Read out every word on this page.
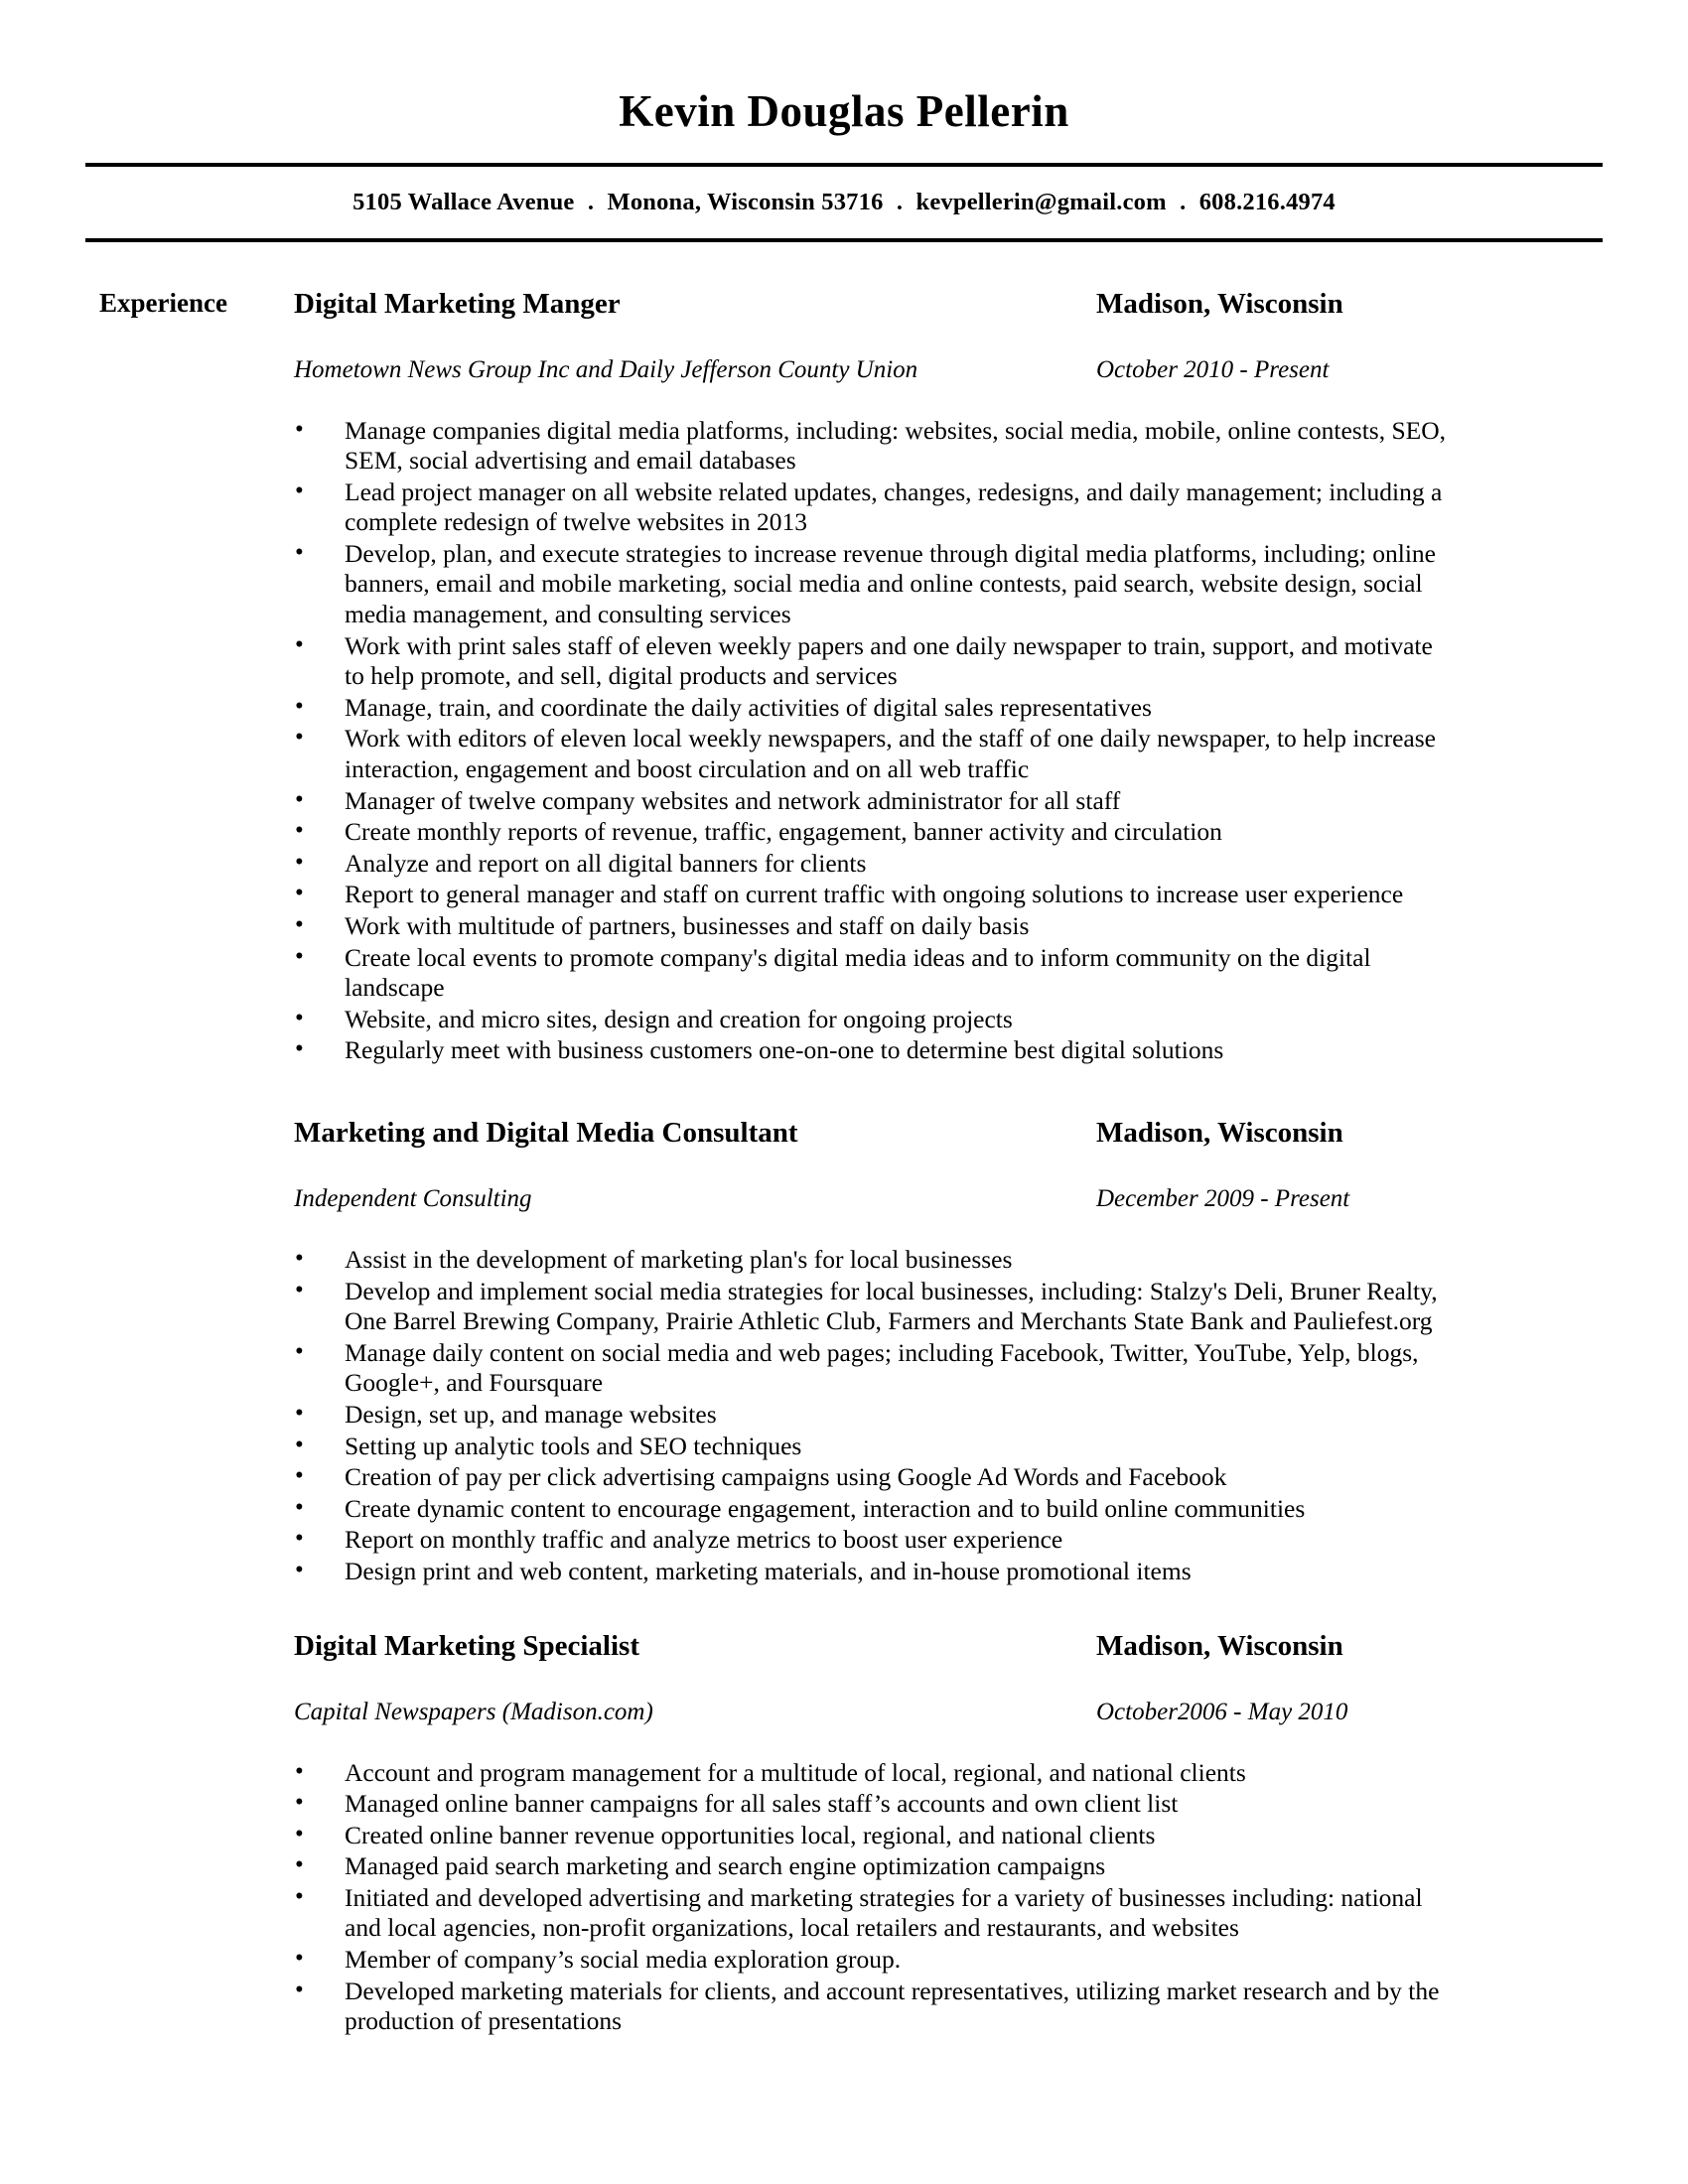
Kevin Douglas Pellerin
5105 Wallace Avenue . Monona, Wisconsin 53716 . kevpellerin@gmail.com . 608.216.4974
Experience	Digital Marketing Manger	Madison, Wisconsin
Hometown News Group Inc and Daily Jefferson County Union	October 2010 - Present
• Manage companies digital media platforms, including: websites, social media, mobile, online contests, SEO, SEM, social advertising and email databases
• Lead project manager on all website related updates, changes, redesigns, and daily management; including a complete redesign of twelve websites in 2013
• Develop, plan, and execute strategies to increase revenue through digital media platforms, including; online banners, email and mobile marketing, social media and online contests, paid search, website design, social media management, and consulting services
• Work with print sales staff of eleven weekly papers and one daily newspaper to train, support, and motivate to help promote, and sell, digital products and services
• Manage, train, and coordinate the daily activities of digital sales representatives
• Work with editors of eleven local weekly newspapers, and the staff of one daily newspaper, to help increase interaction, engagement and boost circulation and on all web traffic
• Manager of twelve company websites and network administrator for all staff
• Create monthly reports of revenue, traffic, engagement, banner activity and circulation
• Analyze and report on all digital banners for clients
• Report to general manager and staff on current traffic with ongoing solutions to increase user experience
• Work with multitude of partners, businesses and staff on daily basis
• Create local events to promote company's digital media ideas and to inform community on the digital landscape
• Website, and micro sites, design and creation for ongoing projects
• Regularly meet with business customers one-on-one to determine best digital solutions
Marketing and Digital Media Consultant	Madison, Wisconsin
Independent Consulting	December 2009 - Present
• Assist in the development of marketing plan's for local businesses
• Develop and implement social media strategies for local businesses, including: Stalzy's Deli, Bruner Realty, One Barrel Brewing Company, Prairie Athletic Club, Farmers and Merchants State Bank and Pauliefest.org
• Manage daily content on social media and web pages; including Facebook, Twitter, YouTube, Yelp, blogs, Google+, and Foursquare
• Design, set up, and manage websites
• Setting up analytic tools and SEO techniques
• Creation of pay per click advertising campaigns using Google Ad Words and Facebook
• Create dynamic content to encourage engagement, interaction and to build online communities
• Report on monthly traffic and analyze metrics to boost user experience
• Design print and web content, marketing materials, and in-house promotional items
Digital Marketing Specialist	Madison, Wisconsin
Capital Newspapers (Madison.com)	October2006 - May 2010
• Account and program management for a multitude of local, regional, and national clients
• Managed online banner campaigns for all sales staff’s accounts and own client list
• Created online banner revenue opportunities local, regional, and national clients
• Managed paid search marketing and search engine optimization campaigns
• Initiated and developed advertising and marketing strategies for a variety of businesses including: national and local agencies, non-profit organizations, local retailers and restaurants, and websites
• Member of company’s social media exploration group.
• Developed marketing materials for clients, and account representatives, utilizing market research and by the production of presentations
